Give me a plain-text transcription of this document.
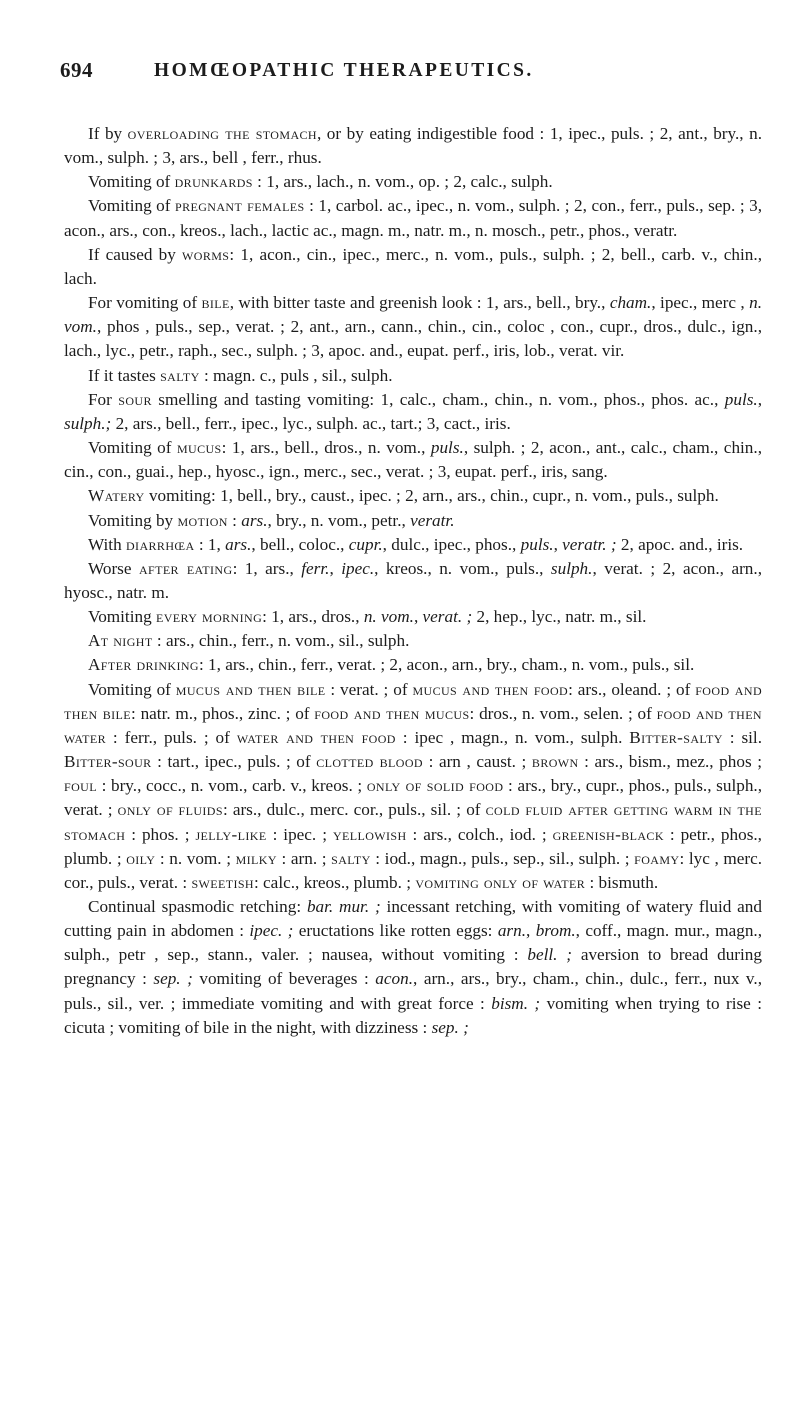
694	HOMŒOPATHIC THERAPEUTICS.

If by overloading the stomach, or by eating indigestible food : 1, ipec., puls. ; 2, ant., bry., n. vom., sulph. ; 3, ars., bell , ferr., rhus.

Vomiting of drunkards : 1, ars., lach., n. vom., op. ; 2, calc., sulph.

Vomiting of pregnant females : 1, carbol. ac., ipec., n. vom., sulph. ; 2, con., ferr., puls., sep. ; 3, acon., ars., con., kreos., lach., lactic ac., magn. m., natr. m., n. mosch., petr., phos., veratr.

If caused by worms: 1, acon., cin., ipec., merc., n. vom., puls., sulph. ; 2, bell., carb. v., chin., lach.

For vomiting of bile, with bitter taste and greenish look : 1, ars., bell., bry., cham., ipec., merc , n. vom., phos , puls., sep., verat. ; 2, ant., arn., cann., chin., cin., coloc , con., cupr., dros., dulc., ign., lach., lyc., petr., raph., sec., sulph. ; 3, apoc. and., eupat. perf., iris, lob., verat. vir.

If it tastes salty : magn. c., puls , sil., sulph.

For sour smelling and tasting vomiting: 1, calc., cham., chin., n. vom., phos., phos. ac., puls., sulph.; 2, ars., bell., ferr., ipec., lyc., sulph. ac., tart.; 3, cact., iris.

Vomiting of mucus: 1, ars., bell., dros., n. vom., puls., sulph. ; 2, acon., ant., calc., cham., chin., cin., con., guai., hep., hyosc., ign., merc., sec., verat. ; 3, eupat. perf., iris, sang.

Watery vomiting: 1, bell., bry., caust., ipec. ; 2, arn., ars., chin., cupr., n. vom., puls., sulph.

Vomiting by motion : ars., bry., n. vom., petr., veratr.

With diarrhœa : 1, ars., bell., coloc., cupr., dulc., ipec., phos., puls., veratr. ; 2, apoc. and., iris.

Worse after eating: 1, ars., ferr., ipec., kreos., n. vom., puls., sulph., verat. ; 2, acon., arn., hyosc., natr. m.

Vomiting every morning: 1, ars., dros., n. vom., verat. ; 2, hep., lyc., natr. m., sil.

At night : ars., chin., ferr., n. vom., sil., sulph.

After drinking: 1, ars., chin., ferr., verat. ; 2, acon., arn., bry., cham., n. vom., puls., sil.

Vomiting of mucus and then bile : verat. ; of mucus and then food: ars., oleand. ; of food and then bile: natr. m., phos., zinc. ; of food and then mucus: dros., n. vom., selen. ; of food and then water : ferr., puls. ; of water and then food : ipec , magn., n. vom., sulph. Bitter-salty : sil. Bitter-sour : tart., ipec., puls. ; of clotted blood : arn , caust. ; brown : ars., bism., mez., phos ; foul : bry., cocc., n. vom., carb. v., kreos. ; only of solid food : ars., bry., cupr., phos., puls., sulph., verat. ; only of fluids: ars., dulc., merc. cor., puls., sil. ; of cold fluid after getting warm in the stomach : phos. ; jelly-like : ipec. ; yellowish : ars., colch., iod. ; greenish-black : petr., phos., plumb. ; oily : n. vom. ; milky : arn. ; salty : iod., magn., puls., sep., sil., sulph. ; foamy: lyc , merc. cor., puls., verat. : sweetish: calc., kreos., plumb. ; vomiting only of water : bismuth.

Continual spasmodic retching: bar. mur. ; incessant retching, with vomiting of watery fluid and cutting pain in abdomen : ipec. ; eructations like rotten eggs: arn., brom., coff., magn. mur., magn., sulph., petr , sep., stann., valer. ; nausea, without vomiting : bell. ; aversion to bread during pregnancy : sep. ; vomiting of beverages : acon., arn., ars., bry., cham., chin., dulc., ferr., nux v., puls., sil., ver. ; immediate vomiting and with great force : bism. ; vomiting when trying to rise : cicuta ; vomiting of bile in the night, with dizziness : sep. ;
